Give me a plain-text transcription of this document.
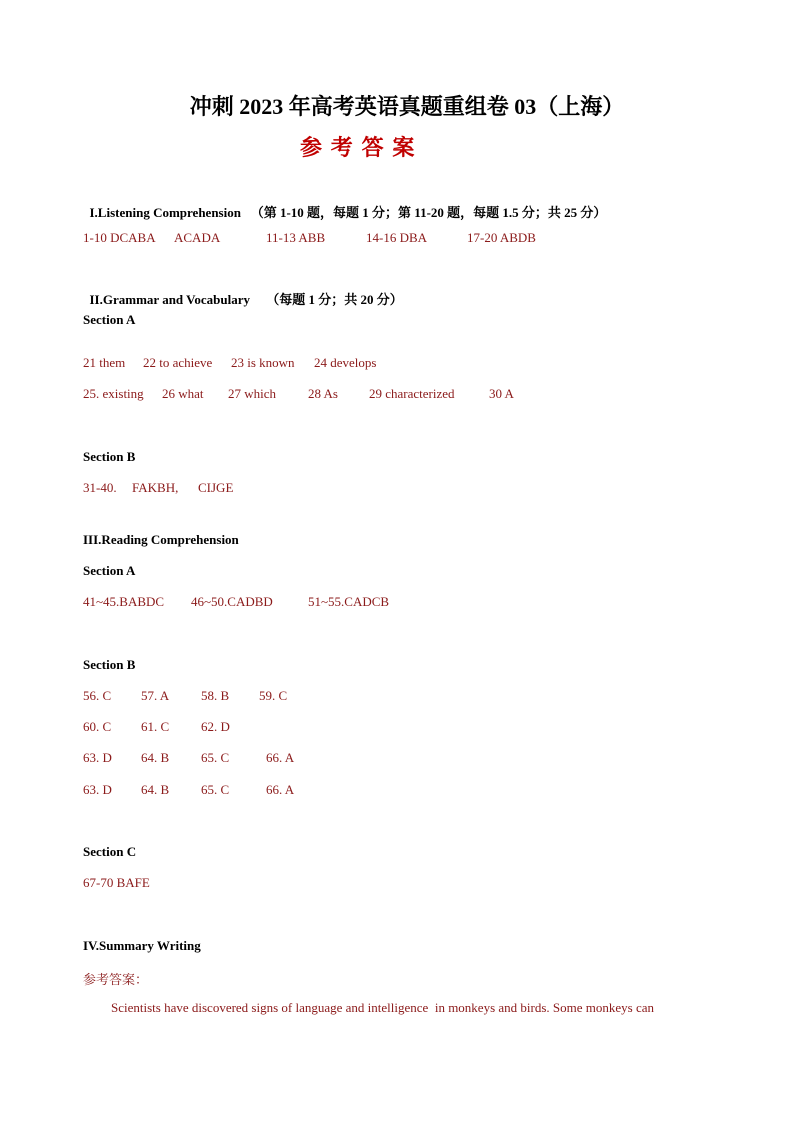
冲刺 2023 年高考英语真题重组卷 03（上海）
参考答案

I.Listening Comprehension （第 1-10 题，每题 1 分；第 11-20 题，每题 1.5 分；共 25 分）

1-10 DCABA ACADA	11-13 ABB	14-16 DBA	17-20 ABDB

II.Grammar and Vocabulary （每题 1 分；共 20 分）

Section A
21 them 22 to achieve 23 is known 24 develops
25. existing 26 what 27 which 28 As 29 characterized	30 A
Section B
31-40. FAKBH, CIJGE
III.Reading Comprehension
Section A
41~45.BABDC 46~50.CADBD	51~55.CADCB
Section B
56. C 57. A 58. B 59. C
60. C 61. C 62. D
63. D 64. B 65. C	66. A
63. D 64. B 65. C	66. A
Section C
67-70 BAFE
IV.Summary Writing
参考答案：
Scientists have discovered signs of language and intelligence  in monkeys and birds. Some monkeys can
